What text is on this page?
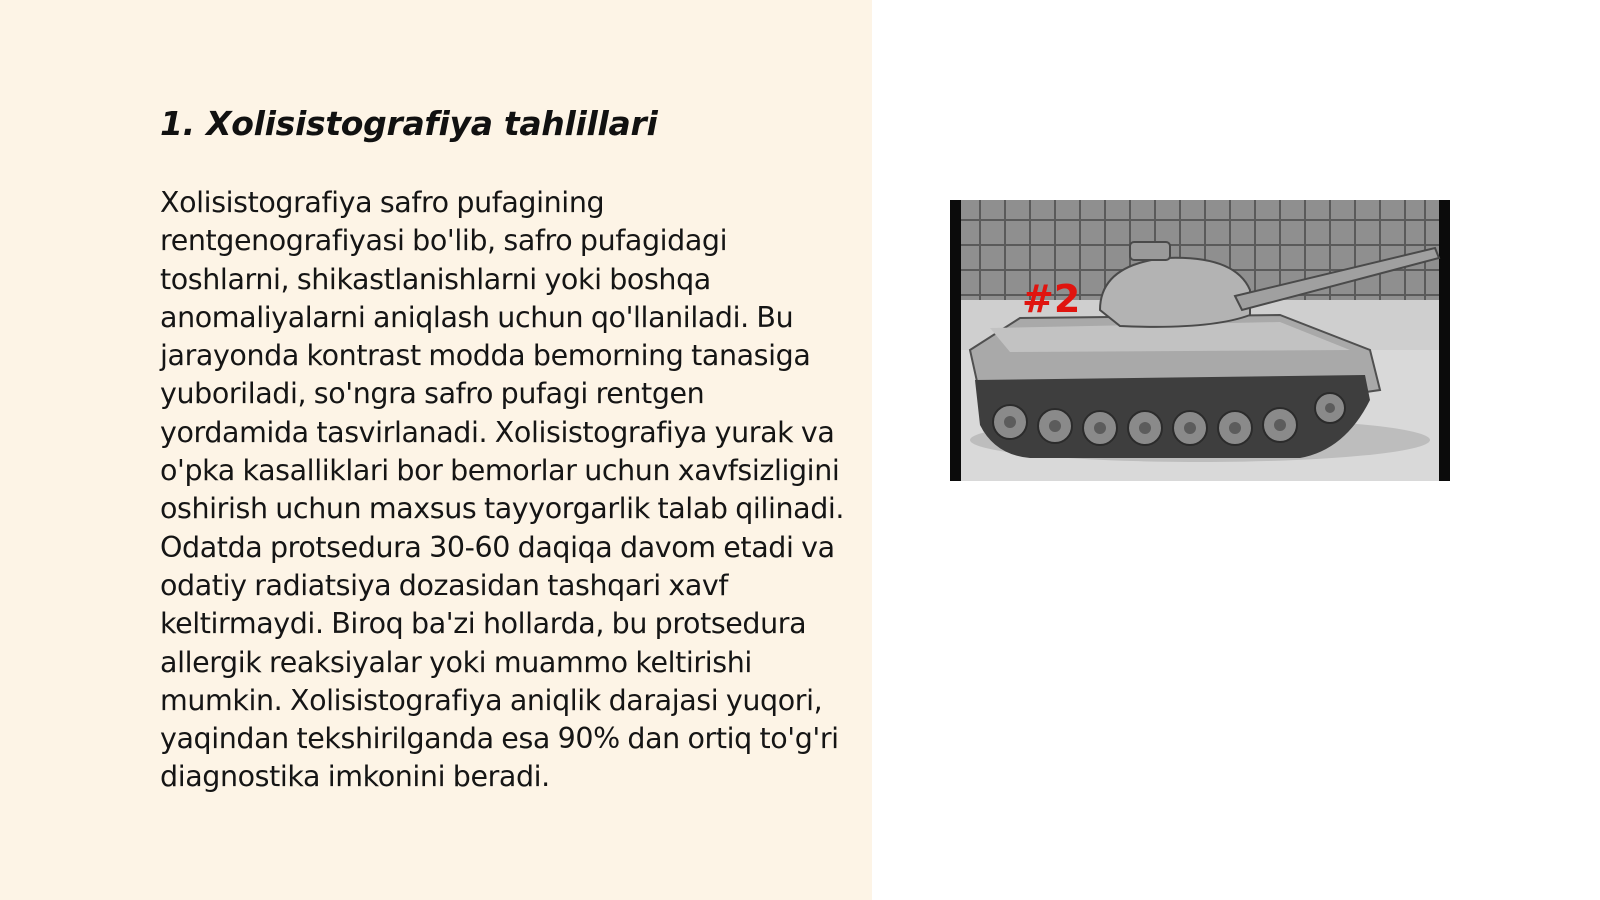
1. Xolisistografiya tahlillari

Xolisistografiya safro pufagining rentgenografiyasi bo'lib, safro pufagidagi toshlarni, shikastlanishlarni yoki boshqa anomaliyalarni aniqlash uchun qo'llaniladi. Bu jarayonda kontrast modda bemorning tanasiga yuboriladi, so'ngra safro pufagi rentgen yordamida tasvirlanadi. Xolisistografiya yurak va o'pka kasalliklari bor bemorlar uchun xavfsizligini oshirish uchun maxsus tayyorgarlik talab qilinadi. Odatda protsedura 30-60 daqiqa davom etadi va odatiy radiatsiya dozasidan tashqari xavf keltirmaydi. Biroq ba'zi hollarda, bu protsedura allergik reaksiyalar yoki muammo keltirishi mumkin. Xolisistografiya aniqlik darajasi yuqori, yaqindan tekshirilganda esa 90% dan ortiq to'g'ri diagnostika imkonini beradi.

#2
